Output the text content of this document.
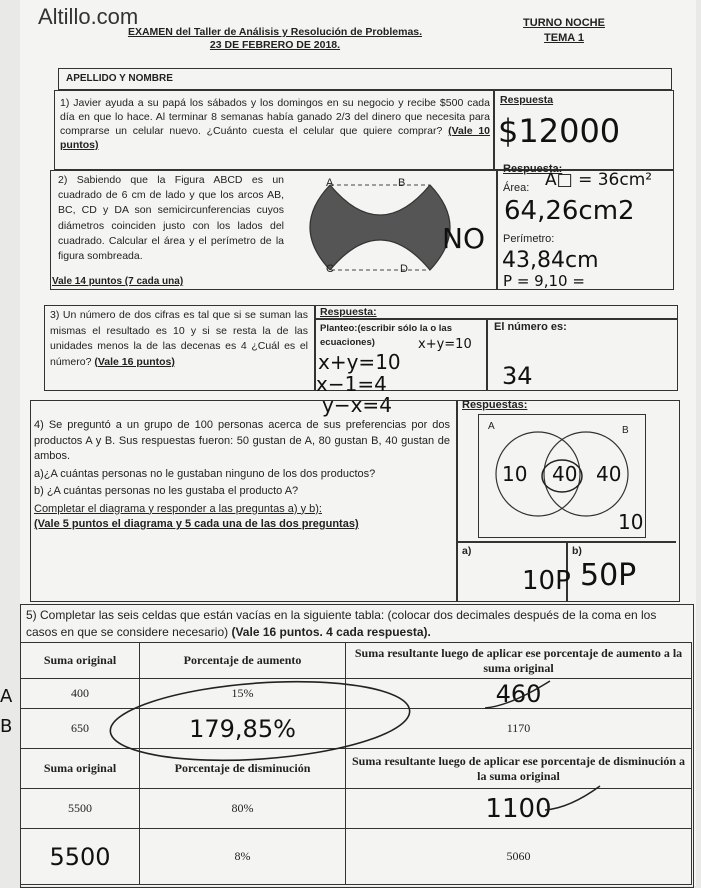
Altillo.com
EXAMEN del Taller de Análisis y Resolución de Problemas.
23 DE FEBRERO DE 2018.
TURNO NOCHE
TEMA 1
APELLIDO Y NOMBRE
1) Javier ayuda a su papá los sábados y los domingos en su negocio y recibe $500 cada día en que lo hace. Al terminar 8 semanas había ganado 2/3 del dinero que necesita para comprarse un celular nuevo. ¿Cuánto cuesta el celular que quiere comprar? (Vale 10 puntos)
Respuesta
$12000
2) Sabiendo que la Figura ABCD es un cuadrado de 6 cm de lado y que los arcos AB, BC, CD y DA son semicircunferencias cuyos diámetros coinciden justo con los lados del cuadrado. Calcular el área y el perímetro de la figura sombreada.
Vale 14 puntos (7 cada una)
A	B
C	D
NO
Respuesta:
Área: A□ = 36cm²
64,26cm2
Perímetro:
43,84cm
P = 9,10 =
3) Un número de dos cifras es tal que si se suman las mismas el resultado es 10 y si se resta la de las unidades menos la de las decenas es 4 ¿Cuál es el número? (Vale 16 puntos)
Respuesta:
Planteo:(escribir sólo la o las ecuaciones)	x+y=10
x+y=10
x−1=4
y−x=4
El número es:
34
4) Se preguntó a un grupo de 100 personas acerca de sus preferencias por dos productos A y B. Sus respuestas fueron: 50 gustan de A, 80 gustan B, 40 gustan de ambos.
a)¿A cuántas personas no le gustaban ninguno de los dos productos?
b) ¿A cuántas personas no les gustaba el producto A?
Completar el diagrama y responder a las preguntas a) y b):
(Vale 5 puntos el diagrama y 5 cada una de las dos preguntas)
Respuestas:
A	B
10 40 40
10
a)	b)
10P 50P
5) Completar las seis celdas que están vacías en la siguiente tabla: (colocar dos decimales después de la coma en los casos en que se considere necesario) (Vale 16 puntos. 4 cada respuesta).
Suma original	Porcentaje de aumento	Suma resultante luego de aplicar ese porcentaje de aumento a la suma original
400	15%	460
650	179,85%	1170
Suma original	Porcentaje de disminución	Suma resultante luego de aplicar ese porcentaje de disminución a la suma original
5500	80%	1100
5500	8%	5060
A
B
